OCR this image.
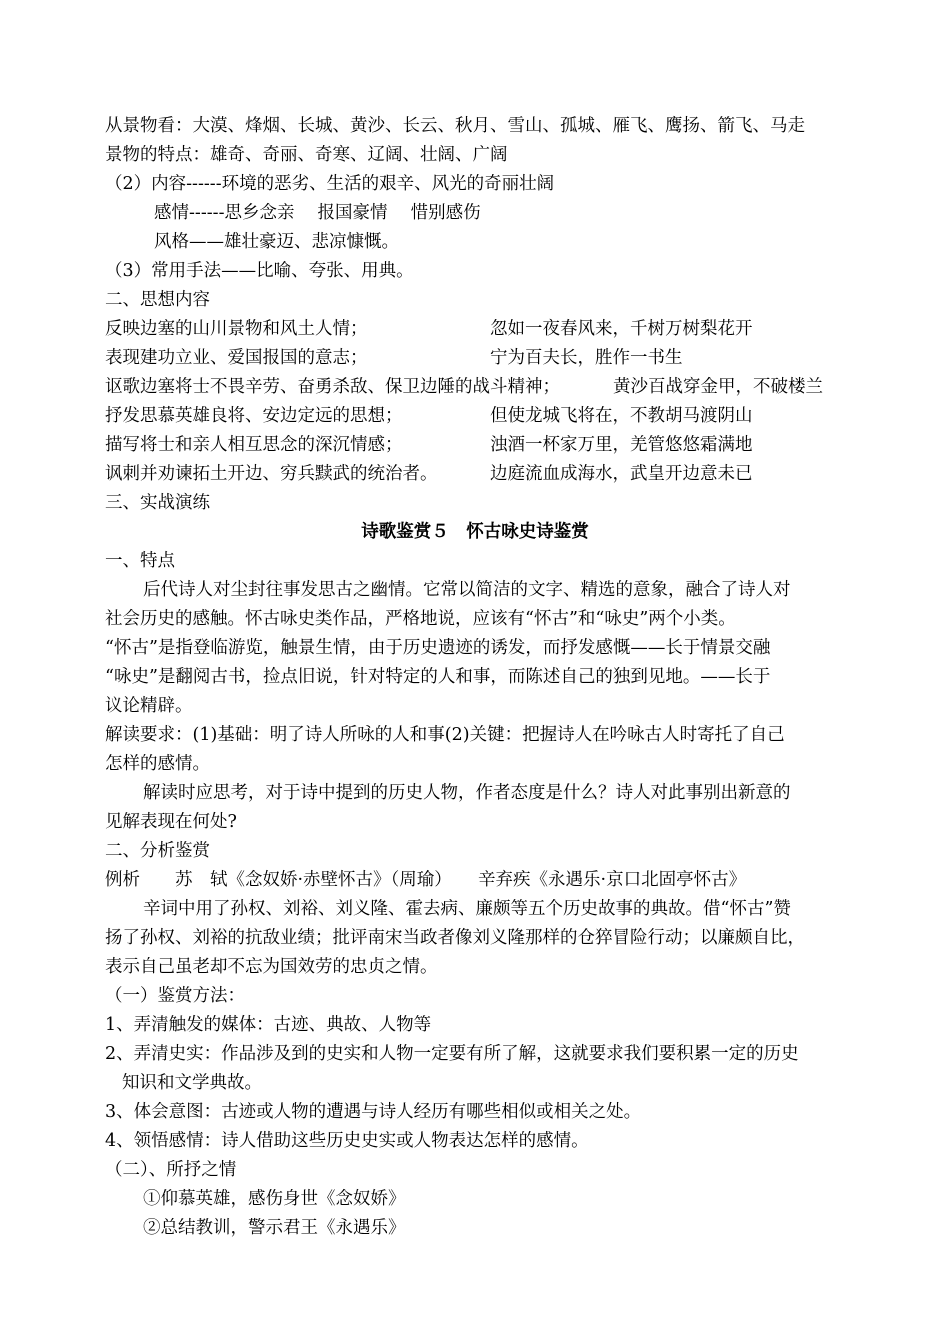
从景物看：大漠、烽烟、长城、黄沙、长云、秋月、雪山、孤城、雁飞、鹰扬、箭飞、马走
景物的特点：雄奇、奇丽、奇寒、辽阔、壮阔、广阔
（2）内容------环境的恶劣、生活的艰辛、风光的奇丽壮阔
感情------思乡念亲　 报国豪情　 惜别感伤
风格——雄壮豪迈、悲凉慷慨。
（3）常用手法——比喻、夸张、用典。
二、思想内容
反映边塞的山川景物和风土人情；	忽如一夜春风来，千树万树梨花开
表现建功立业、爱国报国的意志；	宁为百夫长，胜作一书生
讴歌边塞将士不畏辛劳、奋勇杀敌、保卫边陲的战斗精神；	黄沙百战穿金甲，不破楼兰
抒发思慕英雄良将、安边定远的思想；	但使龙城飞将在，不教胡马渡阴山
描写将士和亲人相互思念的深沉情感；	浊酒一杯家万里，羌管悠悠霜满地
讽刺并劝谏拓土开边、穷兵黩武的统治者。	边庭流血成海水，武皇开边意未已
三、实战演练
诗歌鉴赏５　怀古咏史诗鉴赏
一、特点
后代诗人对尘封往事发思古之幽情。它常以简洁的文字、精选的意象，融合了诗人对
社会历史的感触。怀古咏史类作品，严格地说，应该有“怀古”和“咏史”两个小类。
“怀古”是指登临游览，触景生情，由于历史遗迹的诱发，而抒发感慨——长于情景交融
“咏史”是翻阅古书，捡点旧说，针对特定的人和事，而陈述自己的独到见地。——长于
议论精辟。
解读要求：(1)基础：明了诗人所咏的人和事(2)关键：把握诗人在吟咏古人时寄托了自己
怎样的感情。
解读时应思考，对于诗中提到的历史人物，作者态度是什么？诗人对此事别出新意的
见解表现在何处?
二、分析鉴赏
例析　　苏　轼《念奴娇·赤壁怀古》（周瑜）　　辛弃疾《永遇乐·京口北固亭怀古》
辛词中用了孙权、刘裕、刘义隆、霍去病、廉颇等五个历史故事的典故。借“怀古”赞
扬了孙权、刘裕的抗敌业绩；批评南宋当政者像刘义隆那样的仓猝冒险行动；以廉颇自比，
表示自己虽老却不忘为国效劳的忠贞之情。
（一）鉴赏方法：
1、弄清触发的媒体：古迹、典故、人物等
2、弄清史实：作品涉及到的史实和人物一定要有所了解，这就要求我们要积累一定的历史
知识和文学典故。
3、体会意图：古迹或人物的遭遇与诗人经历有哪些相似或相关之处。
4、领悟感情：诗人借助这些历史史实或人物表达怎样的感情。
（二）、所抒之情
①仰慕英雄，感伤身世《念奴娇》
②总结教训，警示君王《永遇乐》
